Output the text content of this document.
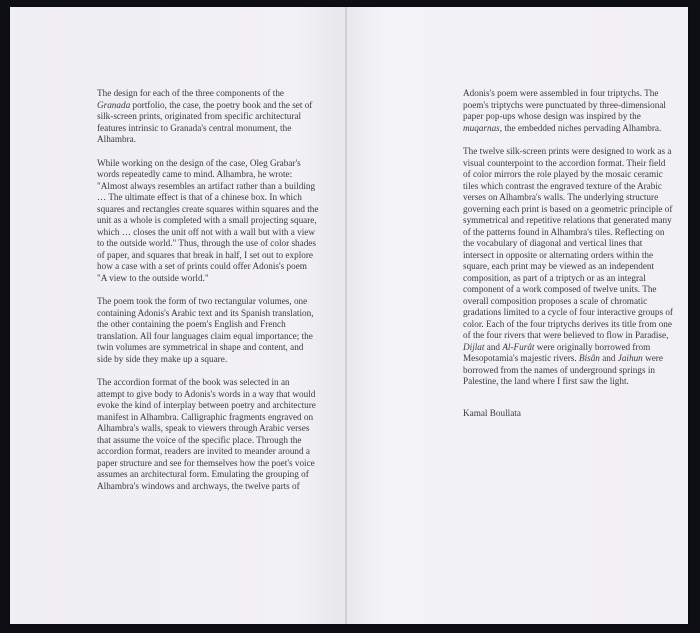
The design for each of the three components of the Granada portfolio, the case, the poetry book and the set of silk-screen prints, originated from specific architectural features intrinsic to Granada's central monument, the Alhambra.

While working on the design of the case, Oleg Grabar's words repeatedly came to mind. Alhambra, he wrote: "Almost always resembles an artifact rather than a building … The ultimate effect is that of a chinese box. In which squares and rectangles create squares within squares and the unit as a whole is completed with a small projecting square, which … closes the unit off not with a wall but with a view to the outside world." Thus, through the use of color shades of paper, and squares that break in half, I set out to explore how a case with a set of prints could offer Adonis's poem "A view to the outside world."

The poem took the form of two rectangular volumes, one containing Adonis's Arabic text and its Spanish translation, the other containing the poem's English and French translation. All four languages claim equal importance; the twin volumes are symmetrical in shape and content, and side by side they make up a square.

The accordion format of the book was selected in an attempt to give body to Adonis's words in a way that would evoke the kind of interplay between poetry and architecture manifest in Alhambra. Calligraphic fragments engraved on Alhambra's walls, speak to viewers through Arabic verses that assume the voice of the specific place. Through the accordion format, readers are invited to meander around a paper structure and see for themselves how the poet's voice assumes an architectural form. Emulating the grouping of Alhambra's windows and archways, the twelve parts of

Adonis's poem were assembled in four triptychs. The poem's triptychs were punctuated by three-dimensional paper pop-ups whose design was inspired by the muqarnas, the embedded niches pervading Alhambra.

The twelve silk-screen prints were designed to work as a visual counterpoint to the accordion format. Their field of color mirrors the role played by the mosaic ceramic tiles which contrast the engraved texture of the Arabic verses on Alhambra's walls. The underlying structure governing each print is based on a geometric principle of symmetrical and repetitive relations that generated many of the patterns found in Alhambra's tiles. Reflecting on the vocabulary of diagonal and vertical lines that intersect in opposite or alternating orders within the square, each print may be viewed as an independent composition, as part of a triptych or as an integral component of a work composed of twelve units. The overall composition proposes a scale of chromatic gradations limited to a cycle of four interactive groups of color. Each of the four triptychs derives its title from one of the four rivers that were believed to flow in Paradise, Dijlat and Al-Furât were originally borrowed from Mesopotamia's majestic rivers. Bisân and Jaihun were borrowed from the names of underground springs in Palestine, the land where I first saw the light.

Kamal Boullata
